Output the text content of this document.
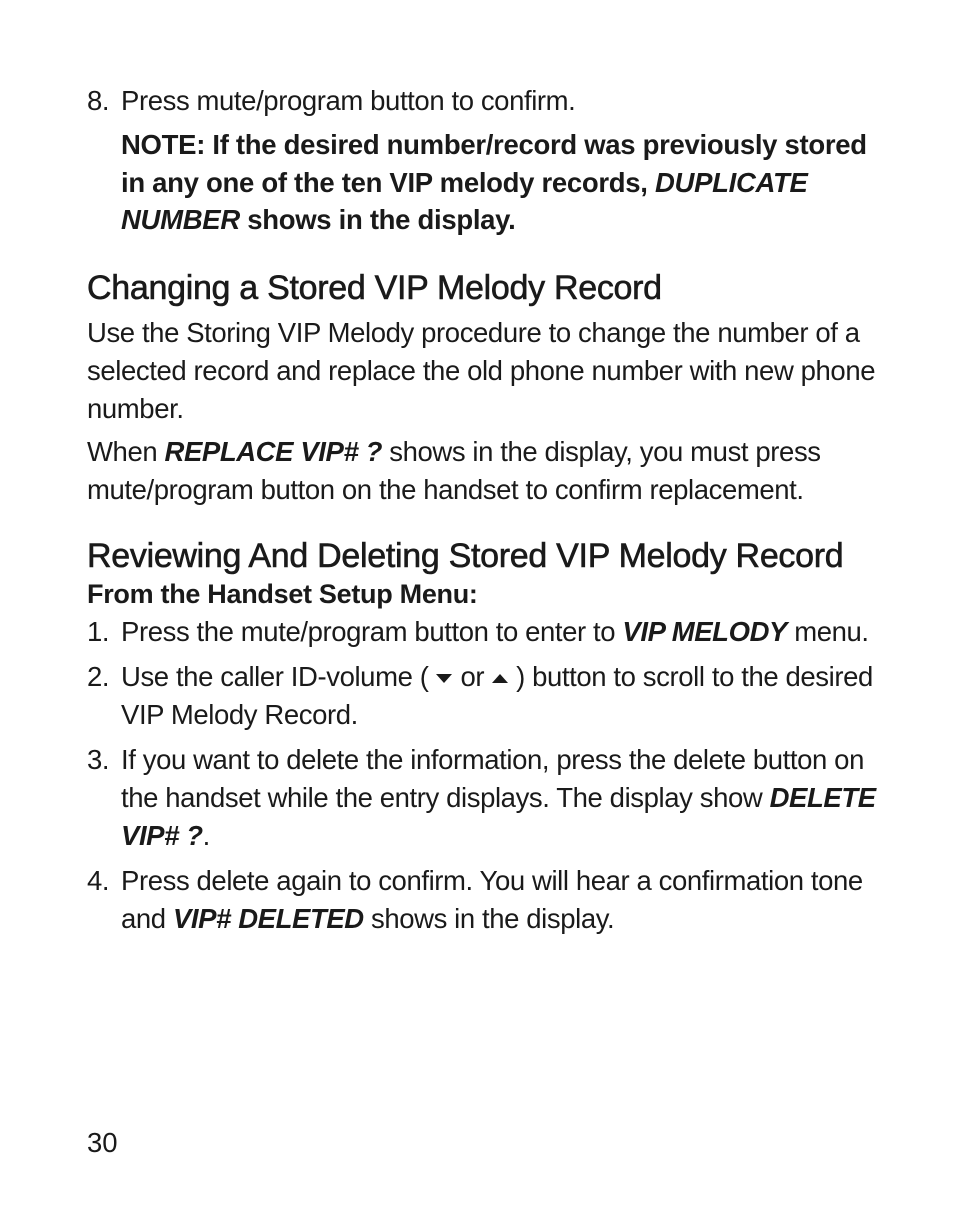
8. Press mute/program button to confirm.

NOTE: If the desired number/record was previously stored in any one of the ten VIP melody records, DUPLICATE NUMBER shows in the display.

Changing a Stored VIP Melody Record

Use the Storing VIP Melody procedure to change the number of a selected record and replace the old phone number with new phone number.

When REPLACE VIP# ? shows in the display, you must press mute/program button on the handset to confirm replacement.

Reviewing And Deleting Stored VIP Melody Record

From the Handset Setup Menu:

1. Press the mute/program button to enter to VIP MELODY menu.
2. Use the caller ID-volume ( or ) button to scroll to the desired VIP Melody Record.
3. If you want to delete the information, press the delete button on the handset while the entry displays. The display show DELETE VIP# ?.
4. Press delete again to confirm. You will hear a confirmation tone and VIP# DELETED shows in the display.

30
